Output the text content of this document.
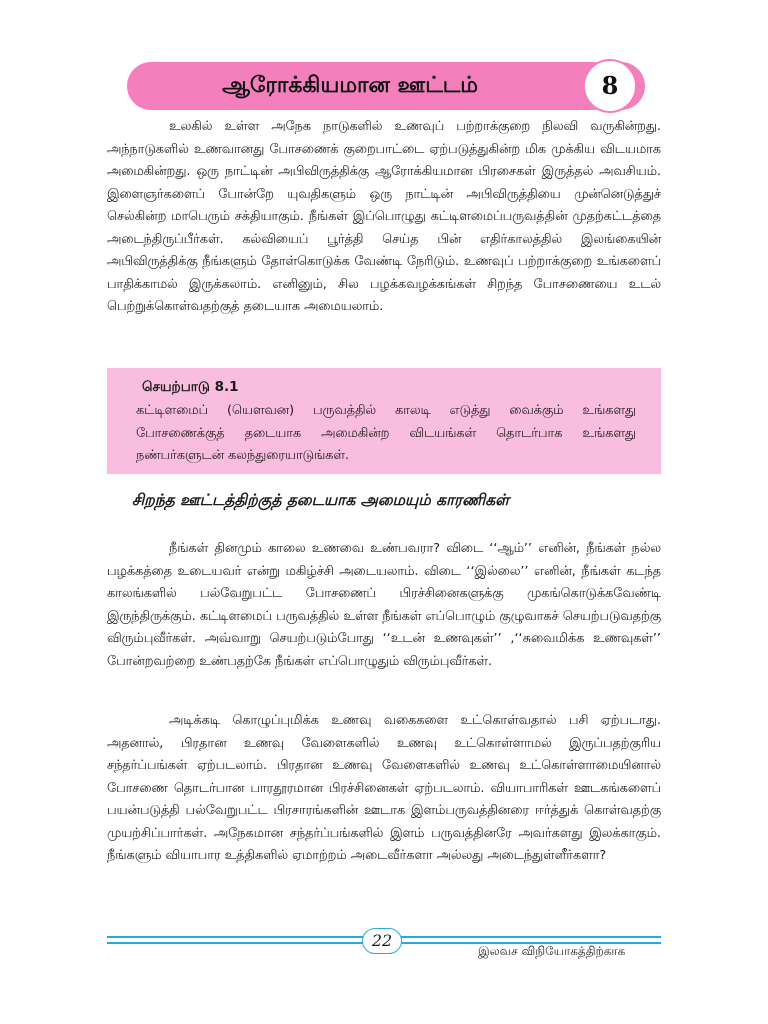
ஆரோக்கியமான ஊட்டம்	8

உலகில் உள்ள அநேக நாடுகளில் உணவுப் பற்றாக்குறை நிலவி வருகின்றது. அந்நாடுகளில் உணவானது போசணைக் குறைபாட்டை ஏற்படுத்துகின்ற மிக முக்கிய விடயமாக அமைகின்றது. ஒரு நாட்டின் அபிவிருத்திக்கு ஆரோக்கியமான பிரசைகள் இருத்தல் அவசியம். இளைஞர்களைப் போன்றே யுவதிகளும் ஒரு நாட்டின் அபிவிருத்தியை முன்னெடுத்துச் செல்கின்ற மாபெரும் சக்தியாகும். நீங்கள் இப்பொழுது கட்டிளமைப்பருவத்தின் முதற்கட்டத்தை அடைந்திருப்பீர்கள். கல்வியைப் பூர்த்தி செய்த பின் எதிர்காலத்தில் இலங்கையின் அபிவிருத்திக்கு நீங்களும் தோள்கொடுக்க வேண்டி நேரிடும். உணவுப் பற்றாக்குறை உங்களைப் பாதிக்காமல் இருக்கலாம். எனினும், சில பழக்கவழக்கங்கள் சிறந்த போசணையை உடல் பெற்றுக்கொள்வதற்குத் தடையாக அமையலாம்.

செயற்பாடு 8.1

கட்டிளமைப் (யௌவன) பருவத்தில் காலடி எடுத்து வைக்கும் உங்களது போசணைக்குத் தடையாக அமைகின்ற விடயங்கள் தொடர்பாக உங்களது நண்பர்களுடன் கலந்துரையாடுங்கள்.

சிறந்த ஊட்டத்திற்குத் தடையாக அமையும் காரணிகள்

நீங்கள் தினமும் காலை உணவை உண்பவரா? விடை ‘‘ஆம்’’ எனின், நீங்கள் நல்ல பழக்கத்தை உடையவர் என்று மகிழ்ச்சி அடையலாம். விடை ‘‘இல்லை’’ எனின், நீங்கள் கடந்த காலங்களில் பல்வேறுபட்ட போசணைப் பிரச்சினைகளுக்கு முகங்கொடுக்கவேண்டி இருந்திருக்கும். கட்டிளமைப் பருவத்தில் உள்ள நீங்கள் எப்பொழும் குழுவாகச் செயற்படுவதற்கு விரும்புவீர்கள். அவ்வாறு செயற்படும்போது ‘‘உடன் உணவுகள்’’ ,‘‘சுவைமிக்க உணவுகள்’’ போன்றவற்றை உண்பதற்கே நீங்கள் எப்பொழுதும் விரும்புவீர்கள்.

அடிக்கடி கொழுப்புமிக்க உணவு வகைகளை உட்கொள்வதால் பசி ஏற்படாது. அதனால், பிரதான உணவு வேளைகளில் உணவு உட்கொள்ளாமல் இருப்பதற்குரிய சந்தர்ப்பங்கள் ஏற்படலாம். பிரதான உணவு வேளைகளில் உணவு உட்கொள்ளாமையினால் போசணை தொடர்பான பாரதூரமான பிரச்சினைகள் ஏற்படலாம். வியாபாரிகள் ஊடகங்களைப் பயன்படுத்தி பல்வேறுபட்ட பிரசாரங்களின் ஊடாக இளம்பருவத்தினரை ஈர்த்துக் கொள்வதற்கு முயற்சிப்பார்கள். அநேகமான சந்தர்ப்பங்களில் இளம் பருவத்தினரே அவர்களது இலக்காகும். நீங்களும் வியாபார உத்திகளில் ஏமாற்றம் அடைவீர்களா அல்லது அடைந்துள்ளீர்களா?

22
இலவச விநியோகத்திற்காக
